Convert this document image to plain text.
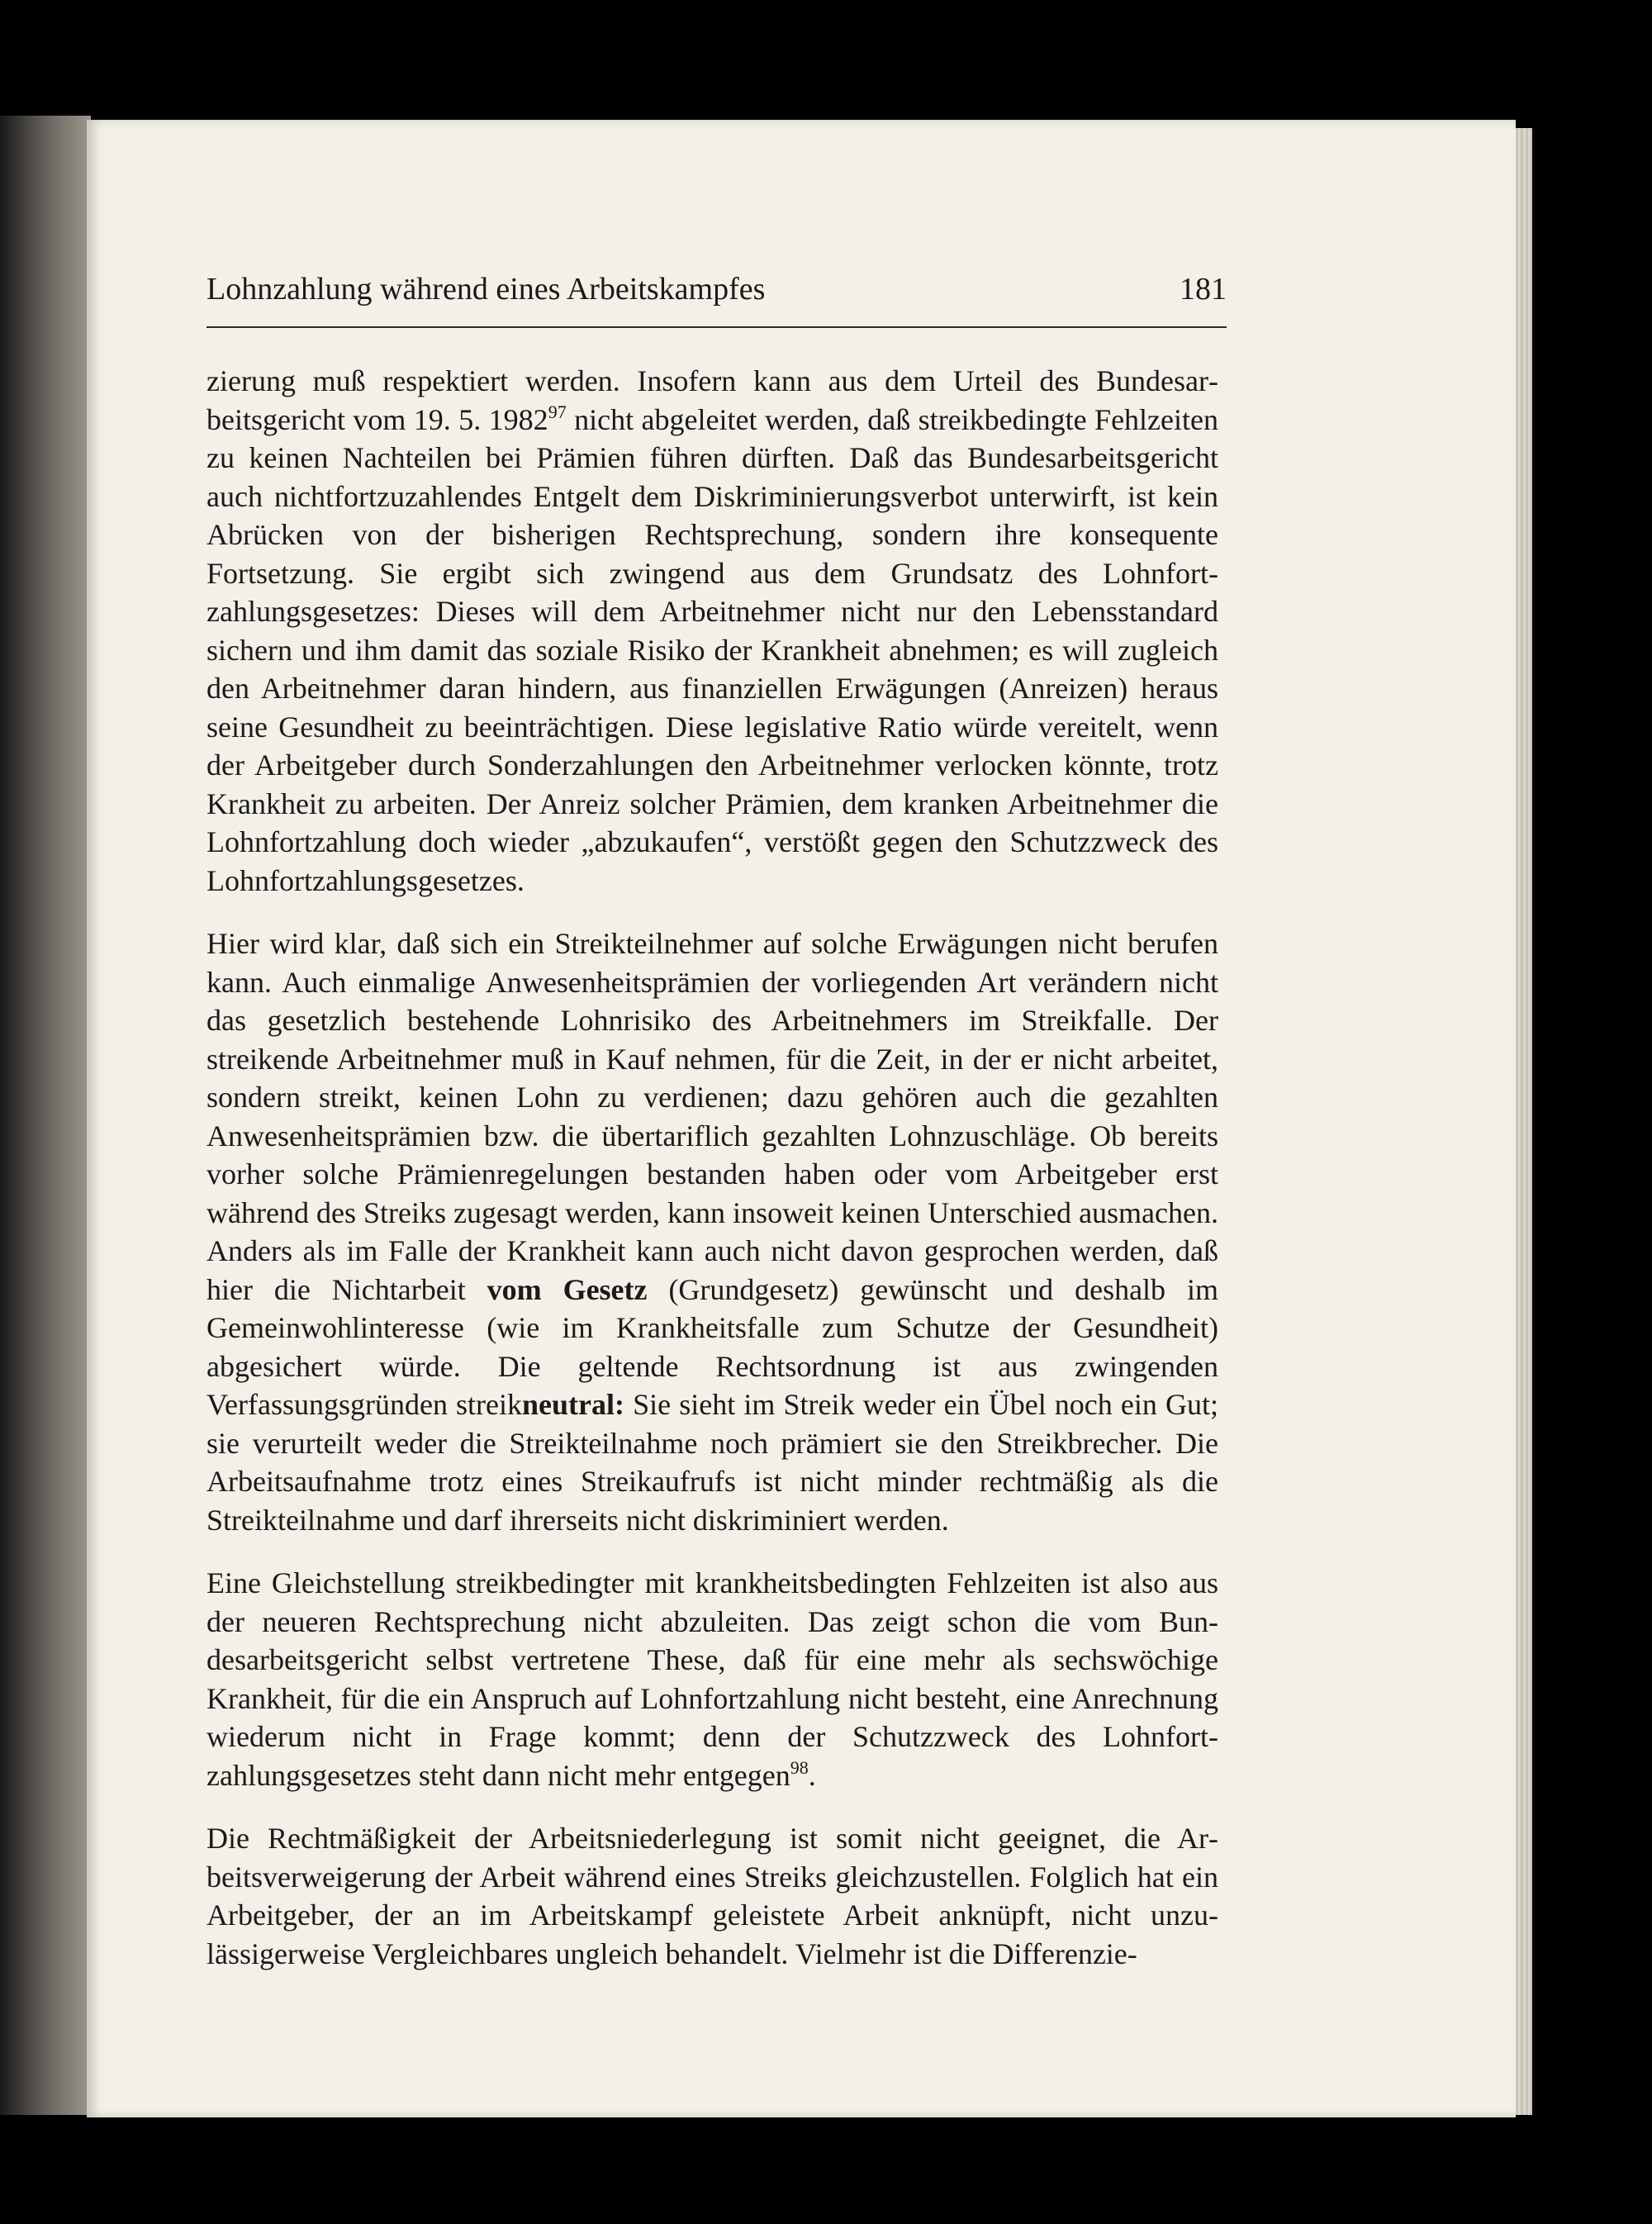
Lohnzahlung während eines Arbeitskampfes	181

zierung muß respektiert werden. Insofern kann aus dem Urteil des Bundesarbeitsgericht vom 19. 5. 1982$^{97}$ nicht abgeleitet werden, daß streikbedingte Fehlzeiten zu keinen Nachteilen bei Prämien führen dürften. Daß das Bundesarbeitsgericht auch nichtfortzuzahlendes Entgelt dem Diskriminierungsverbot unterwirft, ist kein Abrücken von der bisherigen Rechtsprechung, sondern ihre konsequente Fortsetzung. Sie ergibt sich zwingend aus dem Grundsatz des Lohnfortzahlungsgesetzes: Dieses will dem Arbeitnehmer nicht nur den Lebensstandard sichern und ihm damit das soziale Risiko der Krankheit abnehmen; es will zugleich den Arbeitnehmer daran hindern, aus finanziellen Erwägungen (Anreizen) heraus seine Gesundheit zu beeinträchtigen. Diese legislative Ratio würde vereitelt, wenn der Arbeitgeber durch Sonderzahlungen den Arbeitnehmer verlocken könnte, trotz Krankheit zu arbeiten. Der Anreiz solcher Prämien, dem kranken Arbeitnehmer die Lohnfortzahlung doch wieder „abzukaufen“, verstößt gegen den Schutzzweck des Lohnfortzahlungsgesetzes.

Hier wird klar, daß sich ein Streikteilnehmer auf solche Erwägungen nicht berufen kann. Auch einmalige Anwesenheitsprämien der vorliegenden Art verändern nicht das gesetzlich bestehende Lohnrisiko des Arbeitnehmers im Streikfalle. Der streikende Arbeitnehmer muß in Kauf nehmen, für die Zeit, in der er nicht arbeitet, sondern streikt, keinen Lohn zu verdienen; dazu gehören auch die gezahlten Anwesenheitsprämien bzw. die übertariflich gezahlten Lohnzuschläge. Ob bereits vorher solche Prämienregelungen bestanden haben oder vom Arbeitgeber erst während des Streiks zugesagt werden, kann insoweit keinen Unterschied ausmachen. Anders als im Falle der Krankheit kann auch nicht davon gesprochen werden, daß hier die Nichtarbeit vom Gesetz (Grundgesetz) gewünscht und deshalb im Gemeinwohlinteresse (wie im Krankheitsfalle zum Schutze der Gesundheit) abgesichert würde. Die geltende Rechtsordnung ist aus zwingenden Verfassungsgründen streikneutral: Sie sieht im Streik weder ein Übel noch ein Gut; sie verurteilt weder die Streikteilnahme noch prämiert sie den Streikbrecher. Die Arbeitsaufnahme trotz eines Streikaufrufs ist nicht minder rechtmäßig als die Streikteilnahme und darf ihrerseits nicht diskriminiert werden.

Eine Gleichstellung streikbedingter mit krankheitsbedingten Fehlzeiten ist also aus der neueren Rechtsprechung nicht abzuleiten. Das zeigt schon die vom Bundesarbeitsgericht selbst vertretene These, daß für eine mehr als sechswöchige Krankheit, für die ein Anspruch auf Lohnfortzahlung nicht besteht, eine Anrechnung wiederum nicht in Frage kommt; denn der Schutzzweck des Lohnfortzahlungsgesetzes steht dann nicht mehr entgegen$^{98}$.

Die Rechtmäßigkeit der Arbeitsniederlegung ist somit nicht geeignet, die Arbeitsverweigerung der Arbeit während eines Streiks gleichzustellen. Folglich hat ein Arbeitgeber, der an im Arbeitskampf geleistete Arbeit anknüpft, nicht unzulässigerweise Vergleichbares ungleich behandelt. Vielmehr ist die Differenzie-
